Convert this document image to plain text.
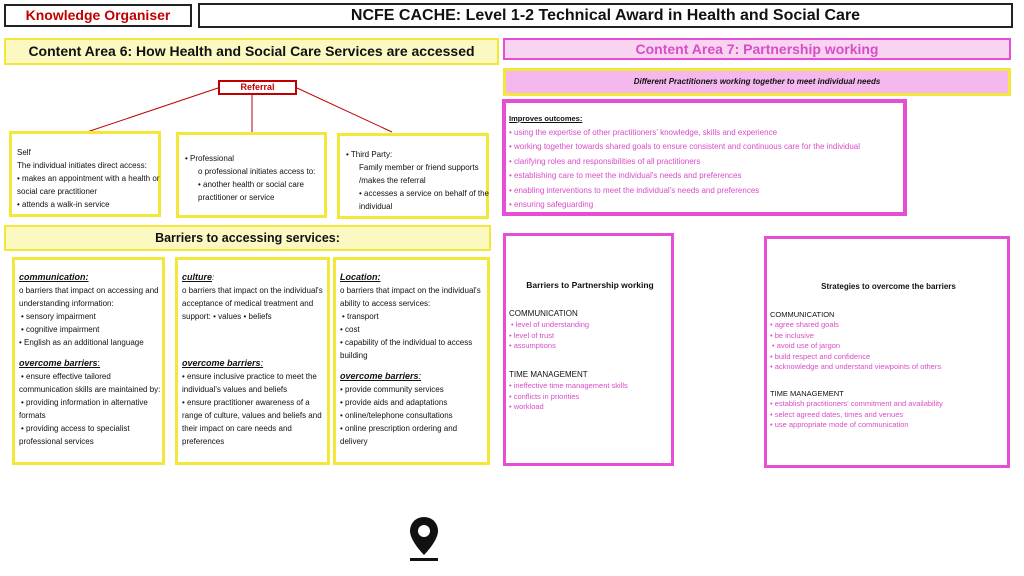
Knowledge Organiser	NCFE CACHE: Level 1-2 Technical Award in Health and Social Care
Content Area 6: How Health and Social Care Services are accessed	Content Area 7: Partnership working
Different Practitioners working together to meet individual needs
Referral
Self
The individual initiates direct access:
• makes an appointment with a health or
social care practitioner
• attends a walk-in service
• Professional
o professional initiates access to:
• another health or social care
practitioner or service
• Third Party:
Family member or friend supports
/makes the referral
• accesses a service on behalf of the
individual
Barriers to accessing services:
communication:
o barriers that impact on accessing and
understanding information:
• sensory impairment
• cognitive impairment
• English as an additional language
overcome barriers:
• ensure effective tailored
communication skills are maintained by:
• providing information in alternative
formats
• providing access to specialist
professional services
culture:
o barriers that impact on the individual's
acceptance of medical treatment and
support: • values • beliefs
overcome barriers:
• ensure inclusive practice to meet the
individual's values and beliefs
• ensure practitioner awareness of a
range of culture, values and beliefs and
their impact on care needs and
preferences
Location:
o barriers that impact on the individual's
ability to access services:
• transport
• cost
• capability of the individual to access
building
overcome barriers:
• provide community services
• provide aids and adaptations
• online/telephone consultations
• online prescription ordering and
delivery
Improves outcomes:
• using the expertise of other practitioners' knowledge, skills and experience
• working together towards shared goals to ensure consistent and continuous care for the individual
• clarifying roles and responsibilities of all practitioners
• establishing care to meet the individual's needs and preferences
• enabling interventions to meet the individual's needs and preferences
• ensuring safeguarding
Barriers to Partnership working
COMMUNICATION
• level of understanding
• level of trust
• assumptions
TIME MANAGEMENT
• ineffective time management skills
• conflicts in priorities
• workload
Strategies to overcome the barriers
COMMUNICATION
• agree shared goals
• be inclusive
• avoid use of jargon
• build respect and confidence
• acknowledge and understand viewpoints of others
TIME MANAGEMENT
• establish practitioners' commitment and availability
• select agreed dates, times and venues
• use appropriate mode of communication
